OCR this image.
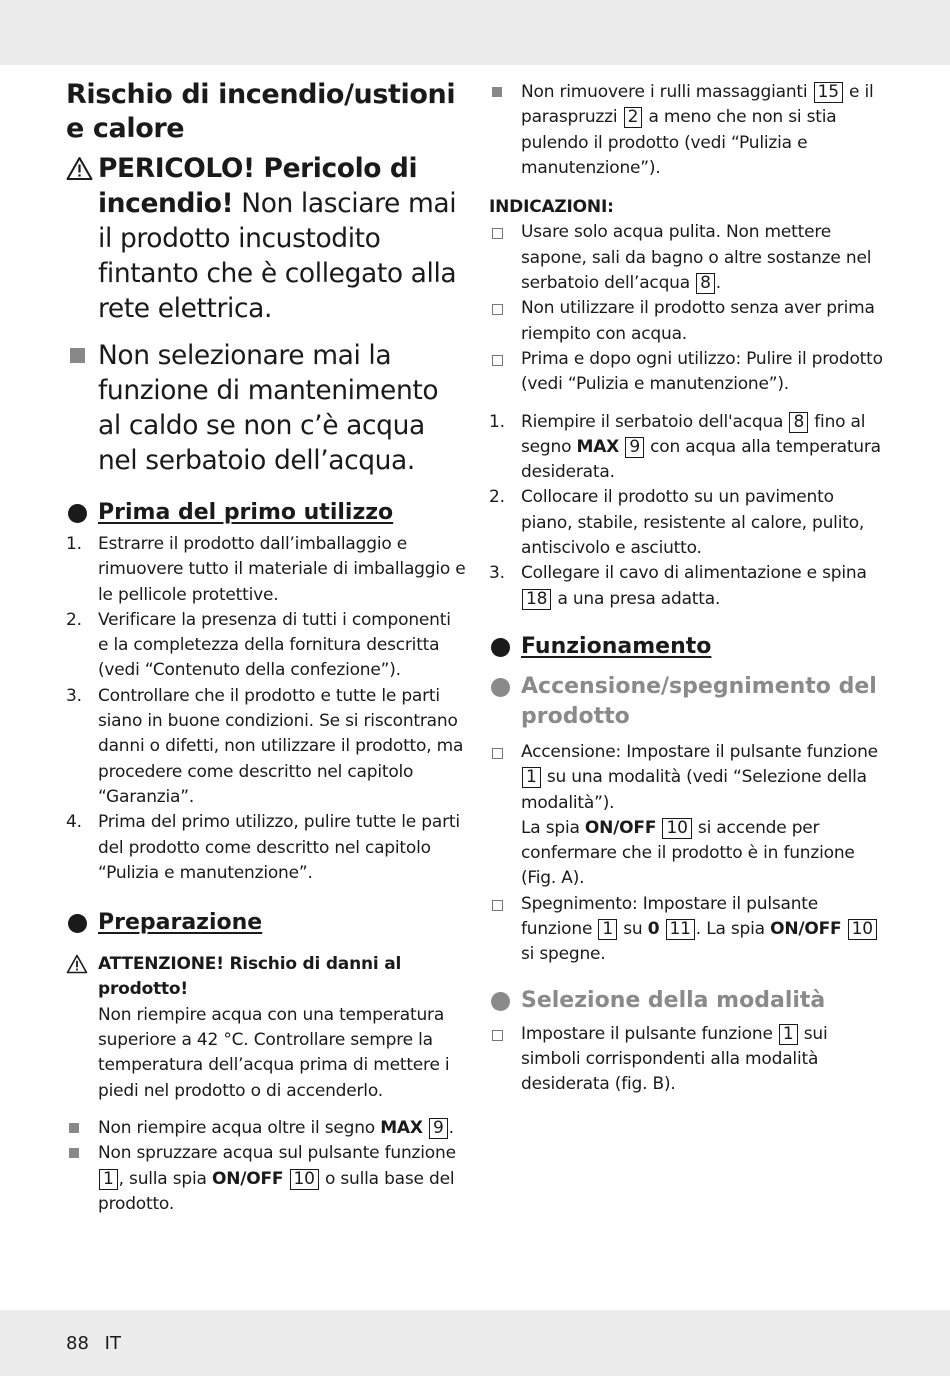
Rischio di incendio/ustioni e calore
PERICOLO! Pericolo di incendio! Non lasciare mai il prodotto incustodito fintanto che è collegato alla rete elettrica.
Non selezionare mai la funzione di mantenimento al caldo se non c’è acqua nel serbatoio dell’acqua.
Prima del primo utilizzo
1. Estrarre il prodotto dall’imballaggio e rimuovere tutto il materiale di imballaggio e le pellicole protettive.
2. Verificare la presenza di tutti i componenti e la completezza della fornitura descritta (vedi “Contenuto della confezione”).
3. Controllare che il prodotto e tutte le parti siano in buone condizioni. Se si riscontrano danni o difetti, non utilizzare il prodotto, ma procedere come descritto nel capitolo “Garanzia”.
4. Prima del primo utilizzo, pulire tutte le parti del prodotto come descritto nel capitolo “Pulizia e manutenzione”.
Preparazione
ATTENZIONE! Rischio di danni al prodotto!
Non riempire acqua con una temperatura superiore a 42 °C. Controllare sempre la temperatura dell’acqua prima di mettere i piedi nel prodotto o di accenderlo.
Non riempire acqua oltre il segno MAX 9 .
Non spruzzare acqua sul pulsante funzione 1 , sulla spia ON/OFF 10 o sulla base del prodotto.
Non rimuovere i rulli massaggianti 15 e il paraspruzzi 2 a meno che non si stia pulendo il prodotto (vedi “Pulizia e manutenzione”).
INDICAZIONI:
Usare solo acqua pulita. Non mettere sapone, sali da bagno o altre sostanze nel serbatoio dell’acqua 8 .
Non utilizzare il prodotto senza aver prima riempito con acqua.
Prima e dopo ogni utilizzo: Pulire il prodotto (vedi “Pulizia e manutenzione”).
1. Riempire il serbatoio dell'acqua 8 fino al segno MAX 9 con acqua alla temperatura desiderata.
2. Collocare il prodotto su un pavimento piano, stabile, resistente al calore, pulito, antiscivolo e asciutto.
3. Collegare il cavo di alimentazione e spina 18 a una presa adatta.
Funzionamento
Accensione/spegnimento del prodotto
Accensione: Impostare il pulsante funzione 1 su una modalità (vedi “Selezione della modalità”).
La spia ON/OFF 10 si accende per confermare che il prodotto è in funzione (Fig. A).
Spegnimento: Impostare il pulsante funzione 1 su 0 11 . La spia ON/OFF 10 si spegne.
Selezione della modalità
Impostare il pulsante funzione 1 sui simboli corrispondenti alla modalità desiderata (fig. B).
88 IT
